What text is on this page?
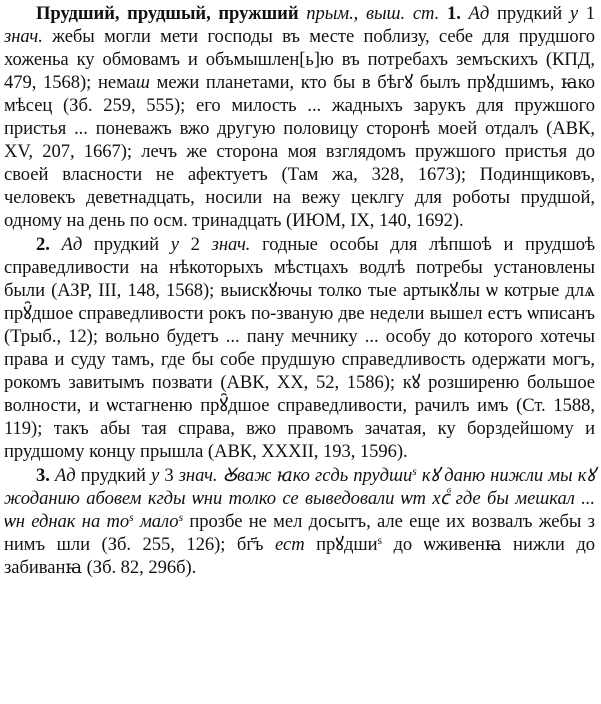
Прудший, прудшый, пружший прым., выш. ст. 1. Ад прудкий у 1 знач. жебы могли мети господы въ месте поблизу, себе для прудшого хоженьа ку обмовамъ и объмышлен[ь]ю въ потребахъ земъскихъ (КПД, 479, 1568); немаш межи планетами, кто бы в бѣгꙋ былъ прꙋдшимъ, ꙗко мѣсец (Зб. 259, 555); его милость ... жадныхъ зарукъ для пружшого пристья ... поневажъ вжо другую половицу сторонѣ моей отдалъ (АВК, XV, 207, 1667); лечъ же сторона моя взглядомъ пружшого пристья до своей власности не афектуетъ (Там жа, 328, 1673); Подинщиковъ, человекъ деветнадцать, носили на вежу цеклгу для роботы прудшой, одному на день по осм. тринадцать (ИЮМ, IX, 140, 1692).

2. Ад прудкий у 2 знач. годные особы для лѣпшоѣ и прудшоѣ справедливости на нѣкоторыхъ мѣстцахъ водлѣ потребы установлены были (АЗР, III, 148, 1568); выискꙋючы толко тые артыкꙋлы ѡ котрые длѧ прꙋ̑дшое справедливости рокъ по-званую две недели вышел естъ ѡписанъ (Трыб., 12); вольно будетъ ... пану мечнику ... особу до которого хотечы права и суду тамъ, где бы собе прудшую справедливость одержати могъ, рокомъ завитымъ позвати (АВК, XX, 52, 1586); кꙋ розширеню большое волности, и ѡстагненю прꙋ̑дшое справедливости, рачилъ имъ (Ст. 1588, 119); такъ абы тая справа, вжо правомъ зачатая, ку борздейшому и прудшому концу прышла (АВК, XXXII, 193, 1596).

3. Ад прудкий у 3 знач. Ꙋваж ꙗко гсдь прудши$^s$ кꙋ даню нижли мы кꙋ жоданию абовем кгды ѡни толко се выведовали ѡт хсᷛ где бы мешкал ... ѡн еднак на $то^s$ мало$^s$ прозбе не мел досытъ, але еще их возвалъ жебы з нимъ шли (Зб. 255, 126); бг҃ъ ест прꙋдши$^s$ до ѡживенꙗ нижли до забиванꙗ (Зб. 82, 296б).
